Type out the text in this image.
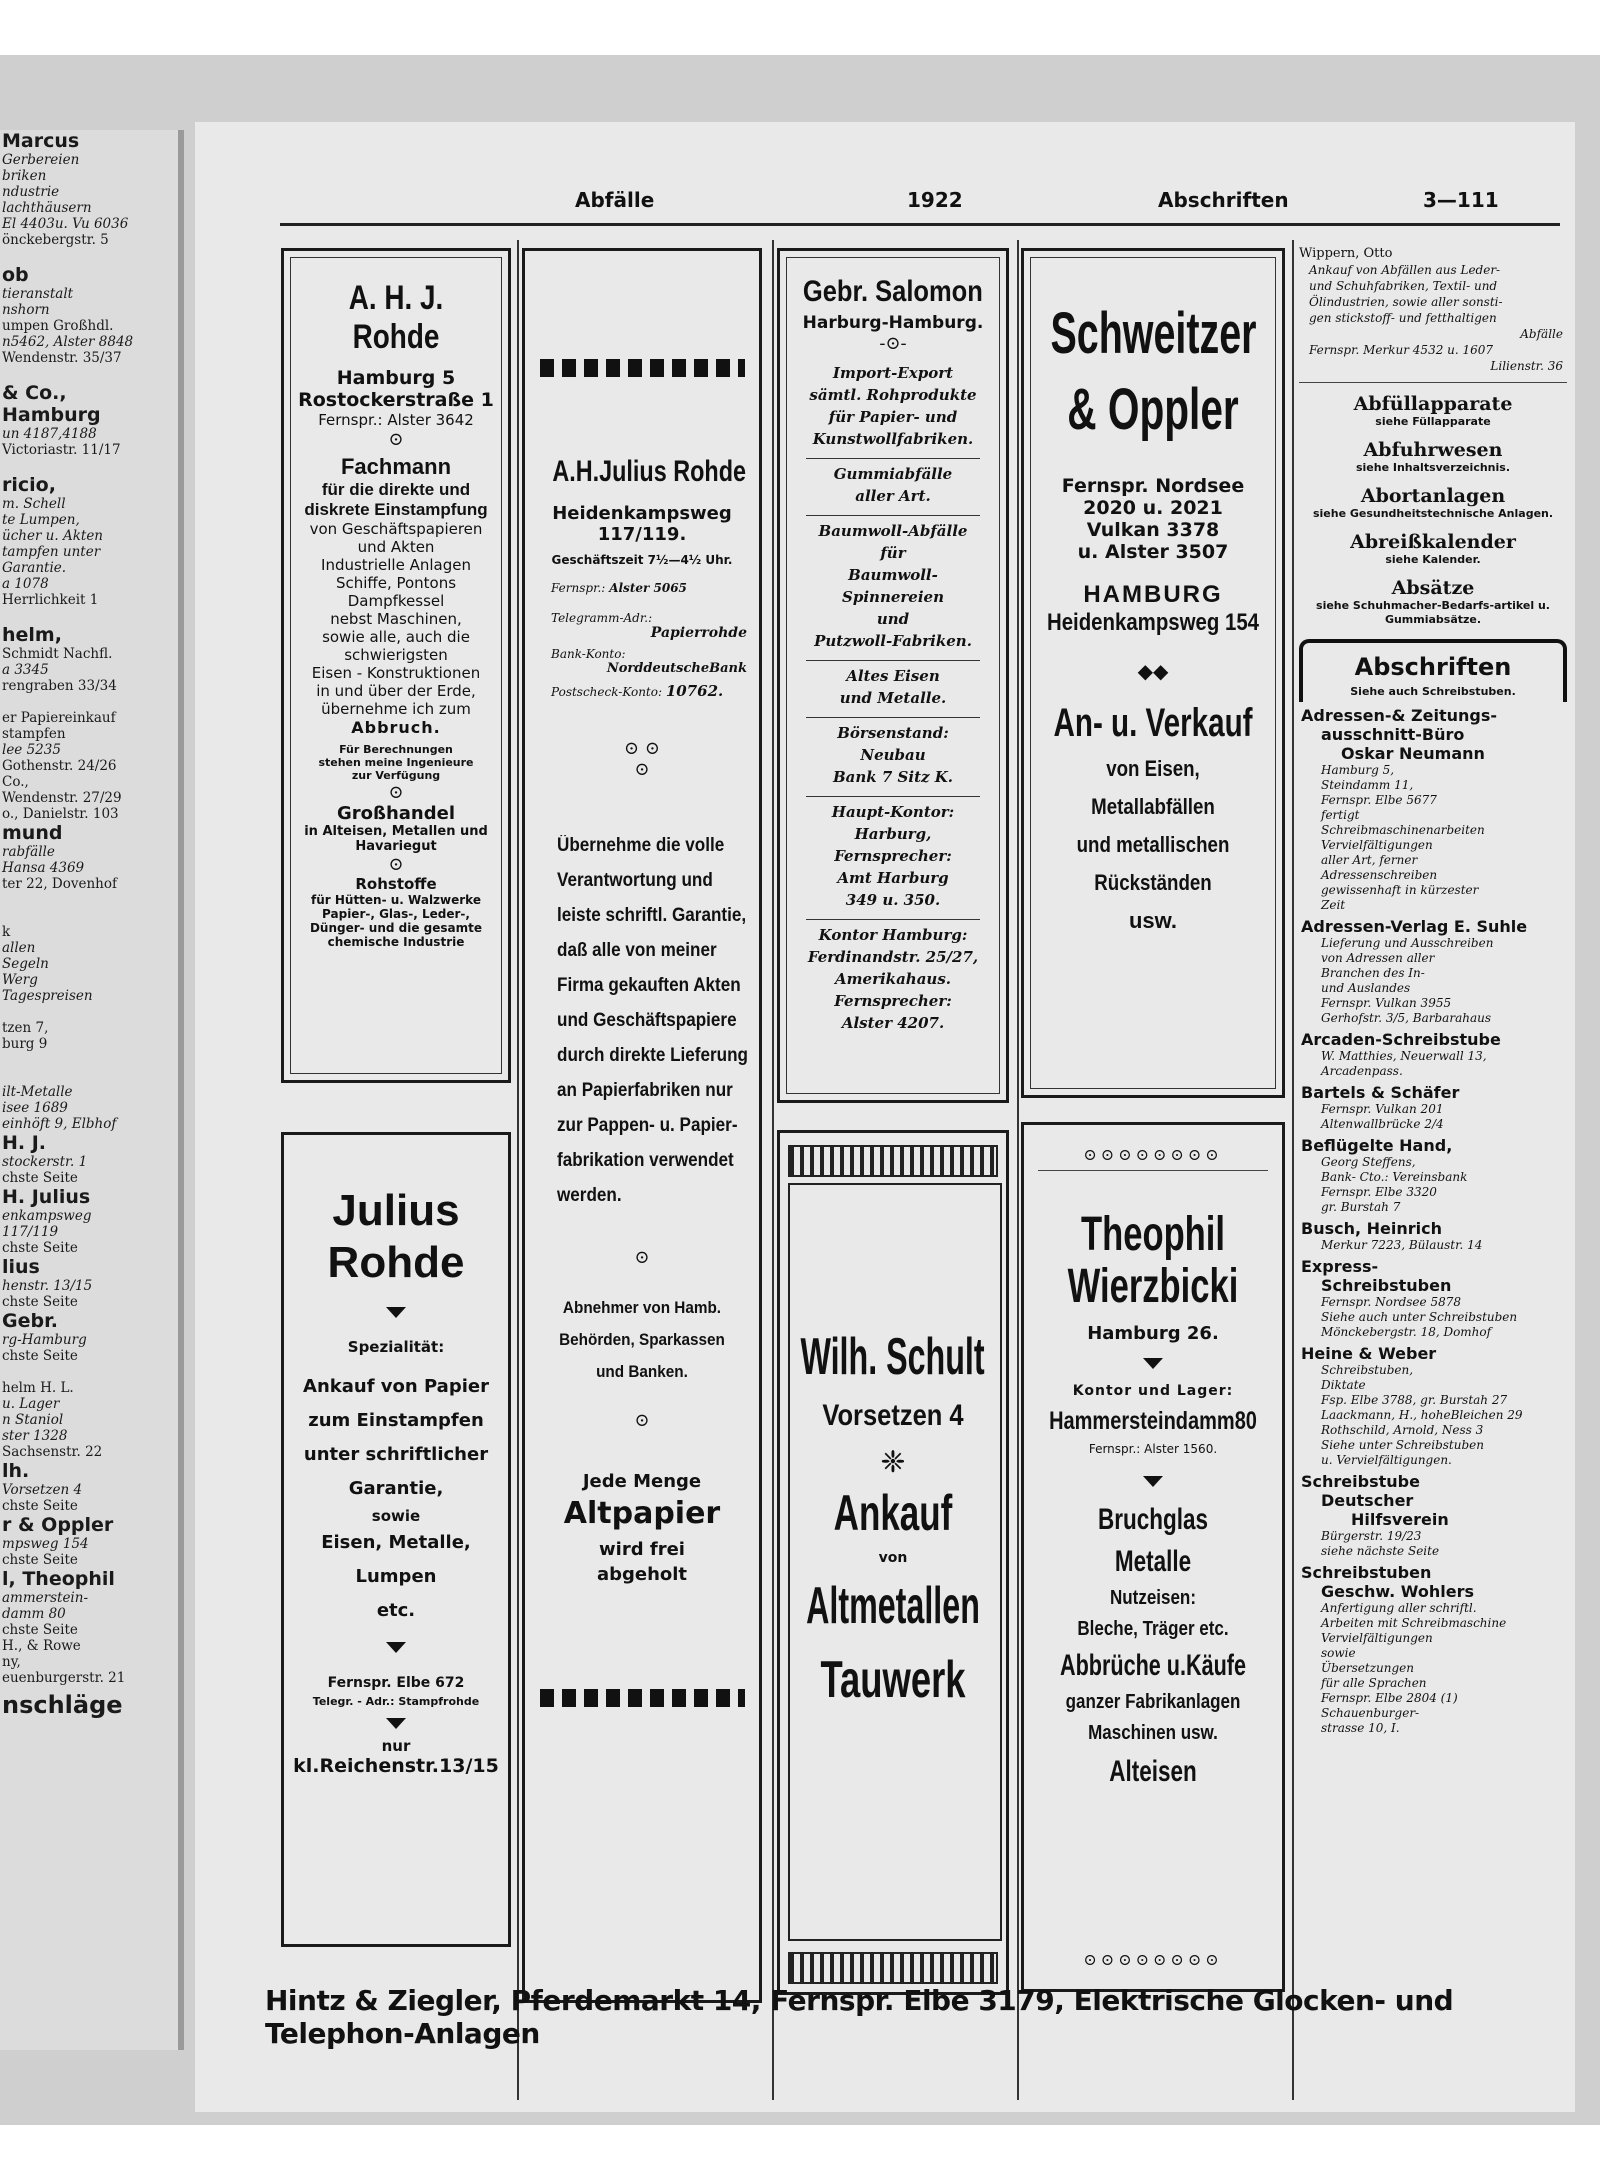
Marcus
Gerbereien
briken
ndustrie
lachthäusern
El 4403u. Vu 6036
önckebergstr. 5

ob
tieranstalt
nshorn
umpen Großhdl.
n5462, Alster 8848
Wendenstr. 35/37

& Co.,
Hamburg
un 4187,4188
Victoriastr. 11/17

ricio,
m. Schell
te Lumpen,
ücher u. Akten
tampfen unter
Garantie.
a 1078
Herrlichkeit 1

helm,
Schmidt Nachfl.
a 3345
rengraben 33/34

er Papiereinkauf
stampfen
lee 5235
Gothenstr. 24/26
Co.,
Wendenstr. 27/29
o., Danielstr. 103
mund
rabfälle
Hansa 4369
ter 22, Dovenhof

k
allen
Segeln
Werg
Tagespreisen

tzen 7,
burg 9

ilt-Metalle
isee 1689
einhöft 9, Elbhof
H. J.
stockerstr. 1
chste Seite
H. Julius
enkampsweg
117/119
chste Seite
lius
henstr. 13/15
chste Seite
Gebr.
rg-Hamburg
chste Seite

helm H. L.
u. Lager
n Staniol
ster 1328
Sachsenstr. 22
lh.
Vorsetzen 4
chste Seite
r & Oppler
mpsweg 154
chste Seite
l, Theophil
ammerstein-
damm 80
chste Seite
H., & Rowe
ny,
euenburgerstr. 21
nschläge
Abfälle	1922	Abschriften	3—111
A. H. J. Rohde
Hamburg 5
Rostockerstraße 1
Fernspr.: Alster 3642
⊙
Fachmann
für die direkte und
diskrete Einstampfung
von Geschäftspapieren
und Akten
Industrielle Anlagen
Schiffe, Pontons
Dampfkessel
nebst Maschinen,
sowie alle, auch die
schwierigsten
Eisen - Konstruktionen
in und über der Erde,
übernehme ich zum
Abbruch.
Für Berechnungen
stehen meine Ingenieure
zur Verfügung
⊙
Großhandel
in Alteisen, Metallen und
Havariegut
⊙
Rohstoffe
für Hütten- u. Walzwerke
Papier-, Glas-, Leder-,
Dünger- und die gesamte
chemische Industrie
Julius
Rohde
Spezialität:
Ankauf von Papier
zum Einstampfen
unter schriftlicher
Garantie,
sowie
Eisen, Metalle,
Lumpen
etc.
Fernspr. Elbe 672
Telegr. - Adr.: Stampfrohde
nur
kl.Reichenstr.13/15
A.H.Julius Rohde
Heidenkampsweg
117/119.
Geschäftszeit 7½—4½ Uhr.
Fernspr.: Alster 5065
Telegramm-Adr.:
Papierrohde
Bank-Konto:
NorddeutscheBank
Postscheck-Konto: 10762.
⊙ ⊙
⊙
Übernehme die volle
Verantwortung und
leiste schriftl. Garantie,
daß alle von meiner
Firma gekauften Akten
und Geschäftspapiere
durch direkte Lieferung
an Papierfabriken nur
zur Pappen- u. Papier-
fabrikation verwendet
werden.
⊙
Abnehmer von Hamb.
Behörden, Sparkassen
und Banken.
⊙
Jede Menge
Altpapier
wird frei
abgeholt
Gebr. Salomon
Harburg-Hamburg.
-⊙-
Import-Export
sämtl. Rohprodukte
für Papier- und
Kunstwollfabriken.
Gummiabfälle
aller Art.
Baumwoll-Abfälle
für
Baumwoll-
Spinnereien
und
Putzwoll-Fabriken.
Altes Eisen
und Metalle.
Börsenstand:
Neubau
Bank 7 Sitz K.
Haupt-Kontor:
Harburg,
Fernsprecher:
Amt Harburg
349 u. 350.
Kontor Hamburg:
Ferdinandstr. 25/27,
Amerikahaus.
Fernsprecher:
Alster 4207.
Wilh. Schult
Vorsetzen 4
❈
Ankauf
von
Altmetallen
Tauwerk
Schweitzer
& Oppler
Fernspr. Nordsee
2020 u. 2021
Vulkan 3378
u. Alster 3507
HAMBURG
Heidenkampsweg 154
◆◆
An- u. Verkauf
von Eisen,
Metallabfällen
und metallischen
Rückständen
usw.
⊙⊙⊙⊙⊙⊙⊙⊙
Theophil
Wierzbicki
Hamburg 26.
Kontor und Lager:
Hammersteindamm80
Fernspr.: Alster 1560.
Bruchglas
Metalle
Nutzeisen:
Bleche, Träger etc.
Abbrüche u.Käufe
ganzer Fabrikanlagen
Maschinen usw.
Alteisen
⊙⊙⊙⊙⊙⊙⊙⊙
Wippern, Otto
Ankauf von Abfällen aus Leder-
und Schuhfabriken, Textil- und
Ölindustrien, sowie aller sonsti-
gen stickstoff- und fetthaltigen
Abfälle
Fernspr. Merkur 4532 u. 1607
Lilienstr. 36
Abfüllapparate
siehe Füllapparate
Abfuhrwesen
siehe Inhaltsverzeichnis.
Abortanlagen
siehe Gesundheitstechnische Anlagen.
Abreißkalender
siehe Kalender.
Absätze
siehe Schuhmacher-Bedarfs-artikel u. Gummiabsätze.
Abschriften
Siehe auch Schreibstuben.
Adressen-& Zeitungs-
ausschnitt-Büro
Oskar Neumann
Hamburg 5,
Steindamm 11,
Fernspr. Elbe 5677
fertigt
Schreibmaschinenarbeiten
Vervielfältigungen
aller Art, ferner
Adressenschreiben
gewissenhaft in kürzester
Zeit
Adressen-Verlag E. Suhle
Lieferung und Ausschreiben
von Adressen aller
Branchen des In-
und Auslandes
Fernspr. Vulkan 3955
Gerhofstr. 3/5, Barbarahaus
Arcaden-Schreibstube
W. Matthies, Neuerwall 13,
Arcadenpass.
Bartels & Schäfer
Fernspr. Vulkan 201
Altenwallbrücke 2/4
Beflügelte Hand,
Georg Steffens,
Bank- Cto.: Vereinsbank
Fernspr. Elbe 3320
gr. Burstah 7
Busch, Heinrich
Merkur 7223, Bülaustr. 14
Express-
Schreibstuben
Fernspr. Nordsee 5878
Siehe auch unter Schreibstuben
Mönckebergstr. 18, Domhof
Heine & Weber
Schreibstuben,
Diktate
Fsp. Elbe 3788, gr. Burstah 27
Laackmann, H., hoheBleichen 29
Rothschild, Arnold, Ness 3
Siehe unter Schreibstuben
u. Vervielfältigungen.
Schreibstube
Deutscher
Hilfsverein
Bürgerstr. 19/23
siehe nächste Seite
Schreibstuben
Geschw. Wohlers
Anfertigung aller schriftl.
Arbeiten mit Schreibmaschine
Vervielfältigungen
sowie
Übersetzungen
für alle Sprachen
Fernspr. Elbe 2804 (1)
Schauenburger-
strasse 10, I.
Hintz & Ziegler, Pferdemarkt 14, Fernspr. Elbe 3179, Elektrische Glocken- und Telephon-Anlagen
